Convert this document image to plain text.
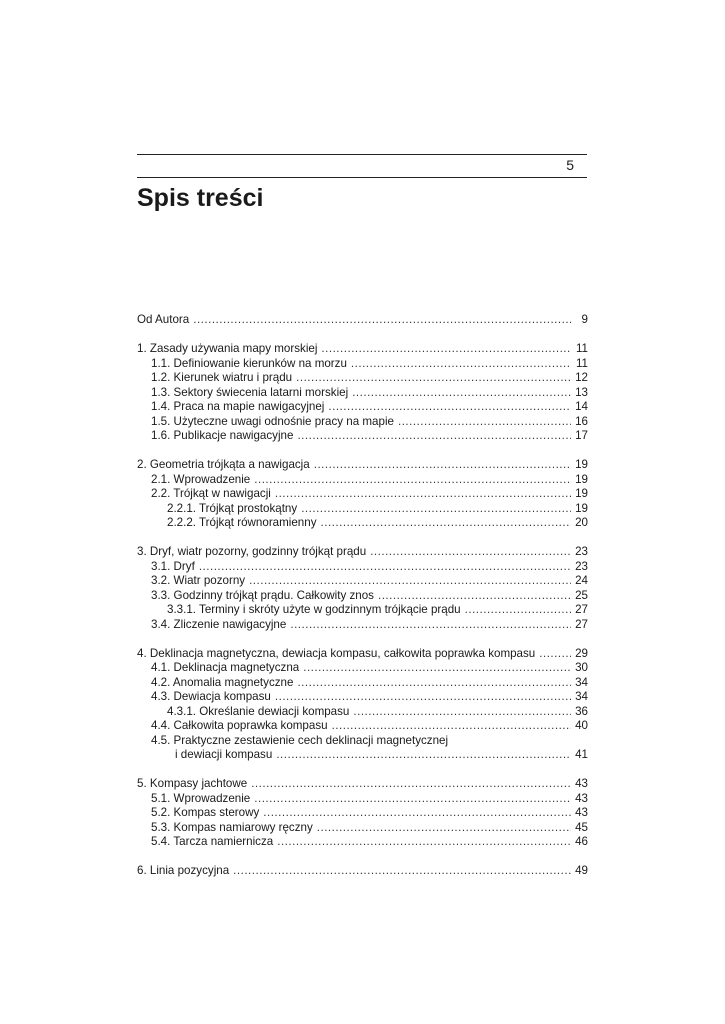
5
Spis treści
Od Autora .....	9
1. Zasady używania mapy morskiej .....	11
1.1. Definiowanie kierunków na morzu .....	11
1.2. Kierunek wiatru i prądu .....	12
1.3. Sektory świecenia latarni morskiej .....	13
1.4. Praca na mapie nawigacyjnej .....	14
1.5. Użyteczne uwagi odnośnie pracy na mapie .....	16
1.6. Publikacje nawigacyjne .....	17
2. Geometria trójkąta a nawigacja .....	19
2.1. Wprowadzenie .....	19
2.2. Trójkąt w nawigacji .....	19
2.2.1. Trójkąt prostokątny .....	19
2.2.2. Trójkąt równoramienny .....	20
3. Dryf, wiatr pozorny, godzinny trójkąt prądu .....	23
3.1. Dryf .....	23
3.2. Wiatr pozorny .....	24
3.3. Godzinny trójkąt prądu. Całkowity znos .....	25
3.3.1. Terminy i skróty użyte w godzinnym trójkącie prądu .....	27
3.4. Zliczenie nawigacyjne .....	27
4. Deklinacja magnetyczna, dewiacja kompasu, całkowita poprawka kompasu .....	29
4.1. Deklinacja magnetyczna .....	30
4.2. Anomalia magnetyczne .....	34
4.3. Dewiacja kompasu .....	34
4.3.1. Określanie dewiacji kompasu .....	36
4.4. Całkowita poprawka kompasu .....	40
4.5. Praktyczne zestawienie cech deklinacji magnetycznej
i dewiacji kompasu .....	41
5. Kompasy jachtowe .....	43
5.1. Wprowadzenie .....	43
5.2. Kompas sterowy .....	43
5.3. Kompas namiarowy ręczny .....	45
5.4. Tarcza namiernicza .....	46
6. Linia pozycyjna .....	49
